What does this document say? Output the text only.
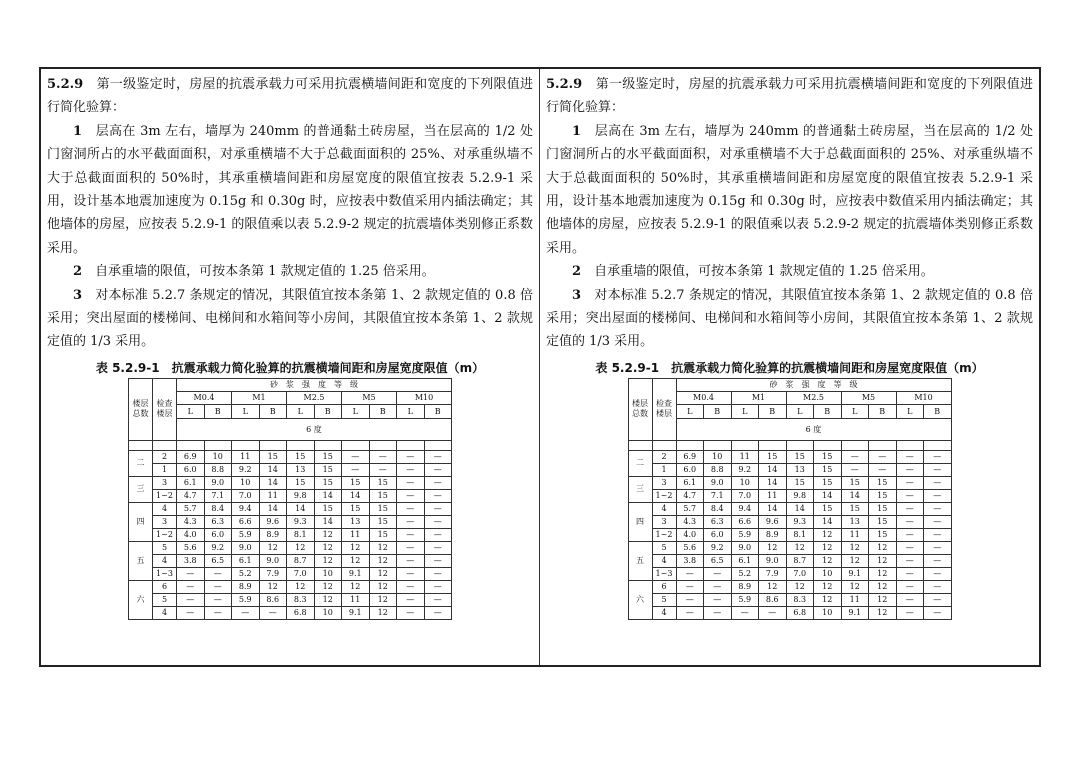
5.2.9　 第一级鉴定时，房屋的抗震承载力可采用抗震横墙间距和宽度的下列限值进行简化验算：

1　 层高在 3m 左右，墙厚为 240mm 的普通黏土砖房屋，当在层高的 1/2 处门窗洞所占的水平截面面积，对承重横墙不大于总截面面积的 25%、对承重纵墙不大于总截面面积的 50%时，其承重横墙间距和房屋宽度的限值宜按表 5.2.9-1 采用，设计基本地震加速度为 0.15g 和 0.30g 时，应按表中数值采用内插法确定；其他墙体的房屋，应按表 5.2.9-1 的限值乘以表 5.2.9-2 规定的抗震墙体类别修正系数采用。

2　 自承重墙的限值，可按本条第 1 款规定值的 1.25 倍采用。

3　 对本标准 5.2.7 条规定的情况，其限值宜按本条第 1、2 款规定值的 0.8 倍采用；突出屋面的楼梯间、电梯间和水箱间等小房间，其限值宜按本条第 1、2 款规定值的 1/3 采用。

表 5.2.9-1　抗震承载力简化验算的抗震横墙间距和房屋宽度限值（m）
楼层总数	检查楼层	砂　浆　强　度　等　级									
		M0.4		M1		M2.5		M5		M10	
		L	B	L	B	L	B	L	B	L	B
		6 度									

二	2	6.9	10	11	15	15	15	—	—	—	—
	1	6.0	8.8	9.2	14	13	15	—	—	—	—
三	3	6.1	9.0	10	14	15	15	15	15	—	—
	1~2	4.7	7.1	7.0	11	9.8	14	14	15	—	—
四	4	5.7	8.4	9.4	14	14	15	15	15	—	—
	3	4.3	6.3	6.6	9.6	9.3	14	13	15	—	—
	1~2	4.0	6.0	5.9	8.9	8.1	12	11	15	—	—
五	5	5.6	9.2	9.0	12	12	12	12	12	—	—
	4	3.8	6.5	6.1	9.0	8.7	12	12	12	—	—
	1~3	—	—	5.2	7.9	7.0	10	9.1	12	—	—
六	6	—	—	8.9	12	12	12	12	12	—	—
	5	—	—	5.9	8.6	8.3	12	11	12	—	—
	4	—	—	—	—	6.8	10	9.1	12	—	—

5.2.9　 第一级鉴定时，房屋的抗震承载力可采用抗震横墙间距和宽度的下列限值进行简化验算：

1　 层高在 3m 左右，墙厚为 240mm 的普通黏土砖房屋，当在层高的 1/2 处门窗洞所占的水平截面面积，对承重横墙不大于总截面面积的 25%、对承重纵墙不大于总截面面积的 50%时，其承重横墙间距和房屋宽度的限值宜按表 5.2.9-1 采用，设计基本地震加速度为 0.15g 和 0.30g 时，应按表中数值采用内插法确定；其他墙体的房屋，应按表 5.2.9-1 的限值乘以表 5.2.9-2 规定的抗震墙体类别修正系数采用。

2　 自承重墙的限值，可按本条第 1 款规定值的 1.25 倍采用。

3　 对本标准 5.2.7 条规定的情况，其限值宜按本条第 1、2 款规定值的 0.8 倍采用；突出屋面的楼梯间、电梯间和水箱间等小房间，其限值宜按本条第 1、2 款规定值的 1/3 采用。

表 5.2.9-1　抗震承载力简化验算的抗震横墙间距和房屋宽度限值（m）
楼层总数	检查楼层	砂　浆　强　度　等　级									
		M0.4		M1		M2.5		M5		M10	
		L	B	L	B	L	B	L	B	L	B
		6 度									

二	2	6.9	10	11	15	15	15	—	—	—	—
	1	6.0	8.8	9.2	14	13	15	—	—	—	—
三	3	6.1	9.0	10	14	15	15	15	15	—	—
	1~2	4.7	7.1	7.0	11	9.8	14	14	15	—	—
四	4	5.7	8.4	9.4	14	14	15	15	15	—	—
	3	4.3	6.3	6.6	9.6	9.3	14	13	15	—	—
	1~2	4.0	6.0	5.9	8.9	8.1	12	11	15	—	—
五	5	5.6	9.2	9.0	12	12	12	12	12	—	—
	4	3.8	6.5	6.1	9.0	8.7	12	12	12	—	—
	1~3	—	—	5.2	7.9	7.0	10	9.1	12	—	—
六	6	—	—	8.9	12	12	12	12	12	—	—
	5	—	—	5.9	8.6	8.3	12	11	12	—	—
	4	—	—	—	—	6.8	10	9.1	12	—	—
